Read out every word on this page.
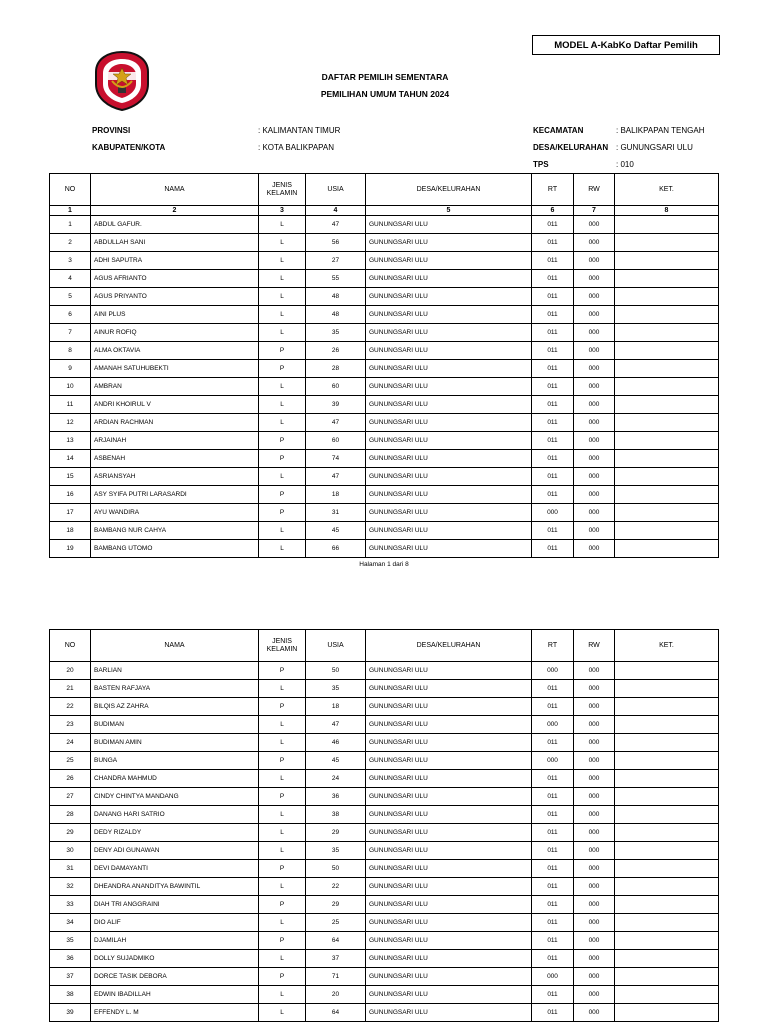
MODEL A-KabKo Daftar Pemilih
DAFTAR PEMILIH SEMENTARA
PEMILIHAN UMUM TAHUN 2024
PROVINSI	: KALIMANTAN TIMUR
KABUPATEN/KOTA	: KOTA BALIKPAPAN
KECAMATAN	: BALIKPAPAN TENGAH
DESA/KELURAHAN : GUNUNGSARI ULU
TPS	: 010
NO	NAMA	JENIS KELAMIN	USIA	DESA/KELURAHAN	RT	RW	KET.
1	2	3	4	5	6	7	8
1	ABDUL GAFUR.	L	47	GUNUNGSARI ULU	011	000	
2	ABDULLAH SANI	L	56	GUNUNGSARI ULU	011	000	
3	ADHI SAPUTRA	L	27	GUNUNGSARI ULU	011	000	
4	AGUS AFRIANTO	L	55	GUNUNGSARI ULU	011	000	
5	AGUS PRIYANTO	L	48	GUNUNGSARI ULU	011	000	
6	AINI PLUS	L	48	GUNUNGSARI ULU	011	000	
7	AINUR ROFIQ	L	35	GUNUNGSARI ULU	011	000	
8	ALMA OKTAVIA	P	26	GUNUNGSARI ULU	011	000	
9	AMANAH SATUHUBEKTI	P	28	GUNUNGSARI ULU	011	000	
10	AMBRAN	L	60	GUNUNGSARI ULU	011	000	
11	ANDRI KHOIRUL V	L	39	GUNUNGSARI ULU	011	000	
12	ARDIAN RACHMAN	L	47	GUNUNGSARI ULU	011	000	
13	ARJAINAH	P	60	GUNUNGSARI ULU	011	000	
14	ASBENAH	P	74	GUNUNGSARI ULU	011	000	
15	ASRIANSYAH	L	47	GUNUNGSARI ULU	011	000	
16	ASY SYIFA PUTRI LARASARDI	P	18	GUNUNGSARI ULU	011	000	
17	AYU WANDIRA	P	31	GUNUNGSARI ULU	000	000	
18	BAMBANG NUR CAHYA	L	45	GUNUNGSARI ULU	011	000	
19	BAMBANG UTOMO	L	66	GUNUNGSARI ULU	011	000	
Halaman 1 dari 8
NO	NAMA	JENIS KELAMIN	USIA	DESA/KELURAHAN	RT	RW	KET.
20	BARLIAN	P	50	GUNUNGSARI ULU	000	000	
21	BASTEN RAFJAYA	L	35	GUNUNGSARI ULU	011	000	
22	BILQIS AZ ZAHRA	P	18	GUNUNGSARI ULU	011	000	
23	BUDIMAN	L	47	GUNUNGSARI ULU	000	000	
24	BUDIMAN AMIN	L	46	GUNUNGSARI ULU	011	000	
25	BUNGA	P	45	GUNUNGSARI ULU	000	000	
26	CHANDRA MAHMUD	L	24	GUNUNGSARI ULU	011	000	
27	CINDY CHINTYA MANDANG	P	36	GUNUNGSARI ULU	011	000	
28	DANANG HARI SATRIO	L	38	GUNUNGSARI ULU	011	000	
29	DEDY RIZALDY	L	29	GUNUNGSARI ULU	011	000	
30	DENY ADI GUNAWAN	L	35	GUNUNGSARI ULU	011	000	
31	DEVI DAMAYANTI	P	50	GUNUNGSARI ULU	011	000	
32	DHEANDRA ANANDITYA BAWINTIL	L	22	GUNUNGSARI ULU	011	000	
33	DIAH TRI ANGGRAINI	P	29	GUNUNGSARI ULU	011	000	
34	DIO ALIF	L	25	GUNUNGSARI ULU	011	000	
35	DJAMILAH	P	64	GUNUNGSARI ULU	011	000	
36	DOLLY SUJADMIKO	L	37	GUNUNGSARI ULU	011	000	
37	DORCE TASIK DEBORA	P	71	GUNUNGSARI ULU	000	000	
38	EDWIN IBADILLAH	L	20	GUNUNGSARI ULU	011	000	
39	EFFENDY L. M	L	64	GUNUNGSARI ULU	011	000	
